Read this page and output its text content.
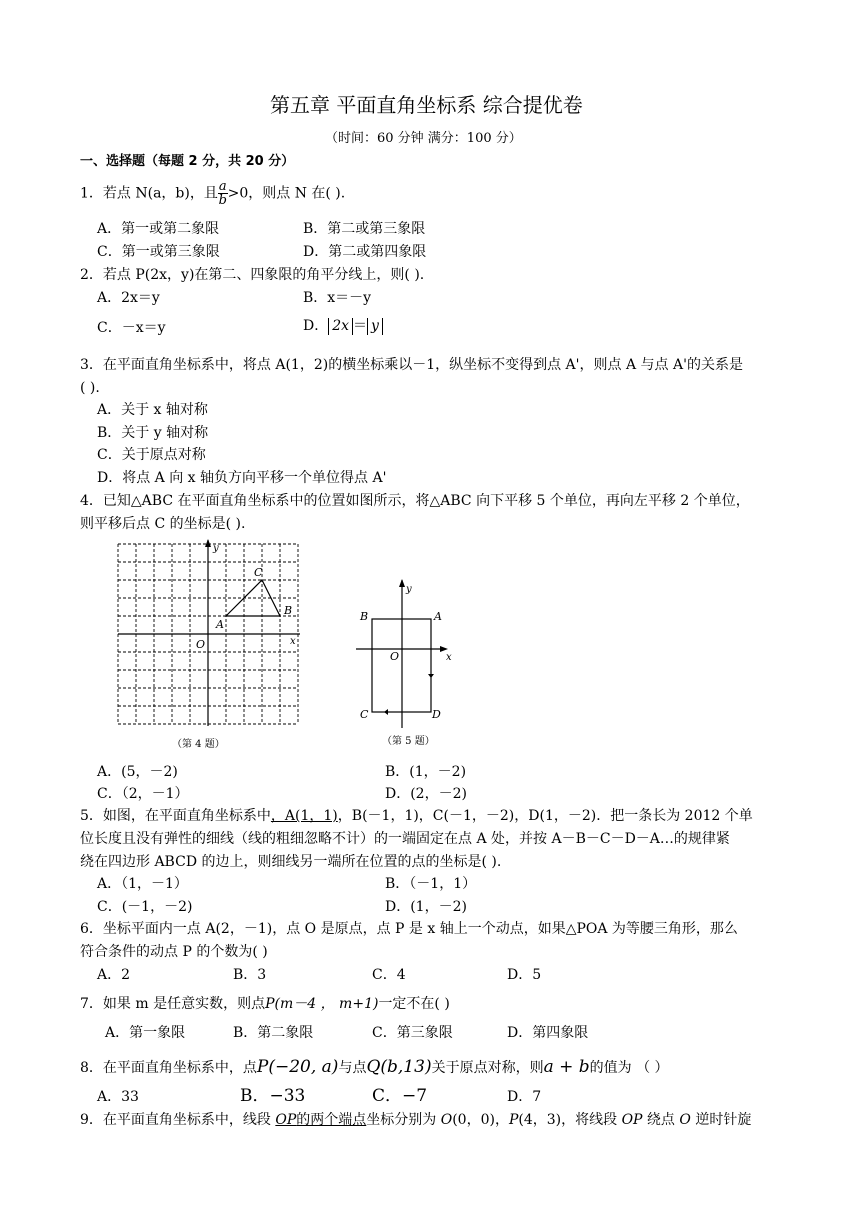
第五章 平面直角坐标系 综合提优卷
（时间：60 分钟 满分：100 分）
一、选择题（每题 2 分，共 20 分）
1．若点 N(a，b)，且 $\frac{a}{b} >0$，则点 N 在( ).
A．第一或第二象限	B．第二或第三象限
C．第一或第三象限	D．第二或第四象限
2．若点 P(2x，y)在第二、四象限的角平分线上，则( ).
A．2x＝y	B．x＝－y
C．－x＝y	D． 2x ＝ y
3．在平面直角坐标系中，将点 A(1，2)的横坐标乘以－1，纵坐标不变得到点 A'，则点 A 与点 A'的关系是
( ).
A．关于 x 轴对称
B．关于 y 轴对称
C．关于原点对称
D．将点 A 向 x 轴负方向平移一个单位得点 A'
4．已知△ABC 在平面直角坐标系中的位置如图所示，将△ABC 向下平移 5 个单位，再向左平移 2 个单位，
则平移后点 C 的坐标是( ).
y
x
O
A
B
C
（第 4 题）
y
x
O
A
B
C	D
（第 5 题）
A．(5，－2)	B．(1，－2)
C．（2，－1）	D．(2，－2)
5．如图，在平面直角坐标系中，A(1，1)，B(－1，1)，C(－1，－2)，D(1，－2)．把一条长为 2012 个单
位长度且没有弹性的细线（线的粗细忽略不计）的一端固定在点 A 处，并按 A－B－C－D－A…的规律紧
绕在四边形 ABCD 的边上，则细线另一端所在位置的点的坐标是( ).
A．（1，－1）	B．（－1，1）
C．(－1，－2)	D．(1，－2)
6．坐标平面内一点 A(2，－1)，点 O 是原点，点 P 是 x 轴上一个动点，如果△POA 为等腰三角形，那么
符合条件的动点 P 的个数为( )
A．2	B．3	C．4	D．5
7．如果 m 是任意实数，则点P(m－4 ， m+1)一定不在( )
A．第一象限	B．第二象限	C．第三象限	D．第四象限
8．在平面直角坐标系中，点P(−20, a)与点Q(b,13)关于原点对称，则a + b的值为 （ ）
A．33	B．−33	C．−7	D．7
9．在平面直角坐标系中，线段 OP的两个端点坐标分别为 O(0，0)，P(4，3)，将线段 OP 绕点 O 逆时针旋
